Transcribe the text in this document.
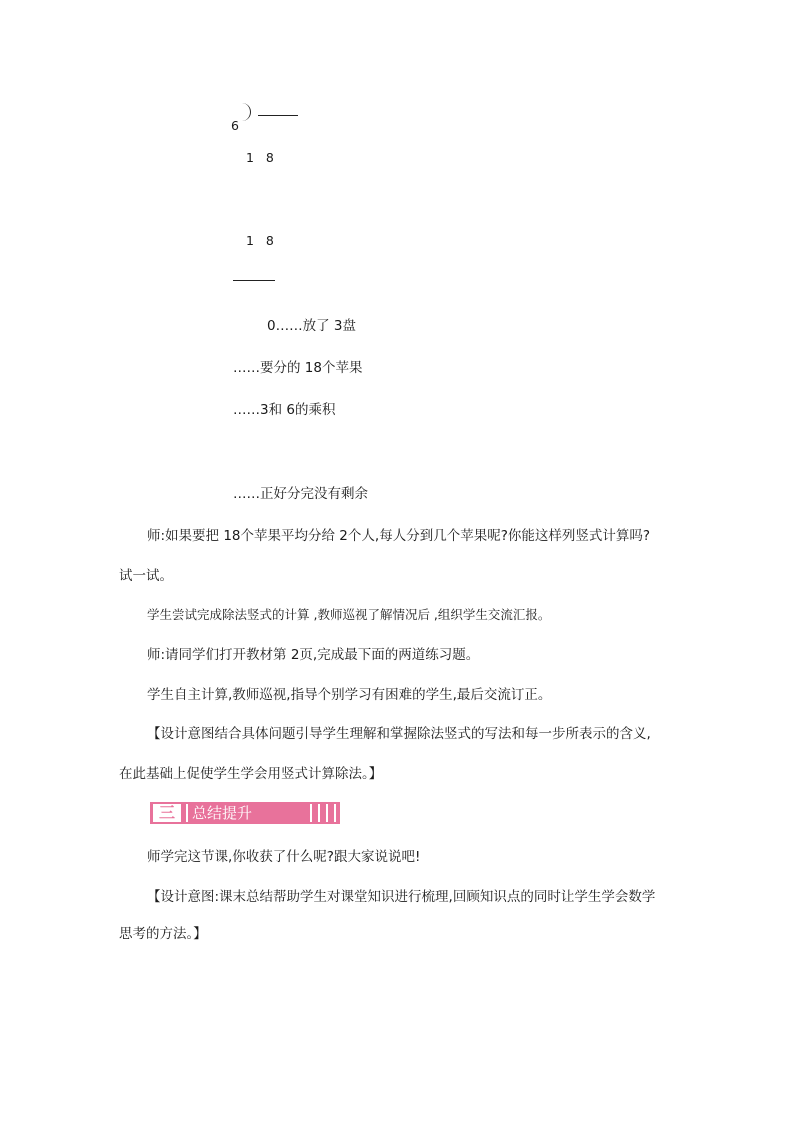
6
1 8
1 8
0……放了 3盘
……要分的 18个苹果
……3和 6的乘积
……正好分完没有剩余
师:如果要把 18个苹果平均分给 2个人,每人分到几个苹果呢?你能这样列竖式计算吗?
试一试。
学生尝试完成除法竖式的计算 ,教师巡视了解情况后 ,组织学生交流汇报。
师:请同学们打开教材第 2页,完成最下面的两道练习题。
学生自主计算,教师巡视,指导个别学习有困难的学生,最后交流订正。
【设计意图结合具体问题引导学生理解和掌握除法竖式的写法和每一步所表示的含义,
在此基础上促使学生学会用竖式计算除法。】
三	总结提升
师学完这节课,你收获了什么呢?跟大家说说吧!
【设计意图:课末总结帮助学生对课堂知识进行梳理,回顾知识点的同时让学生学会数学
思考的方法。】
